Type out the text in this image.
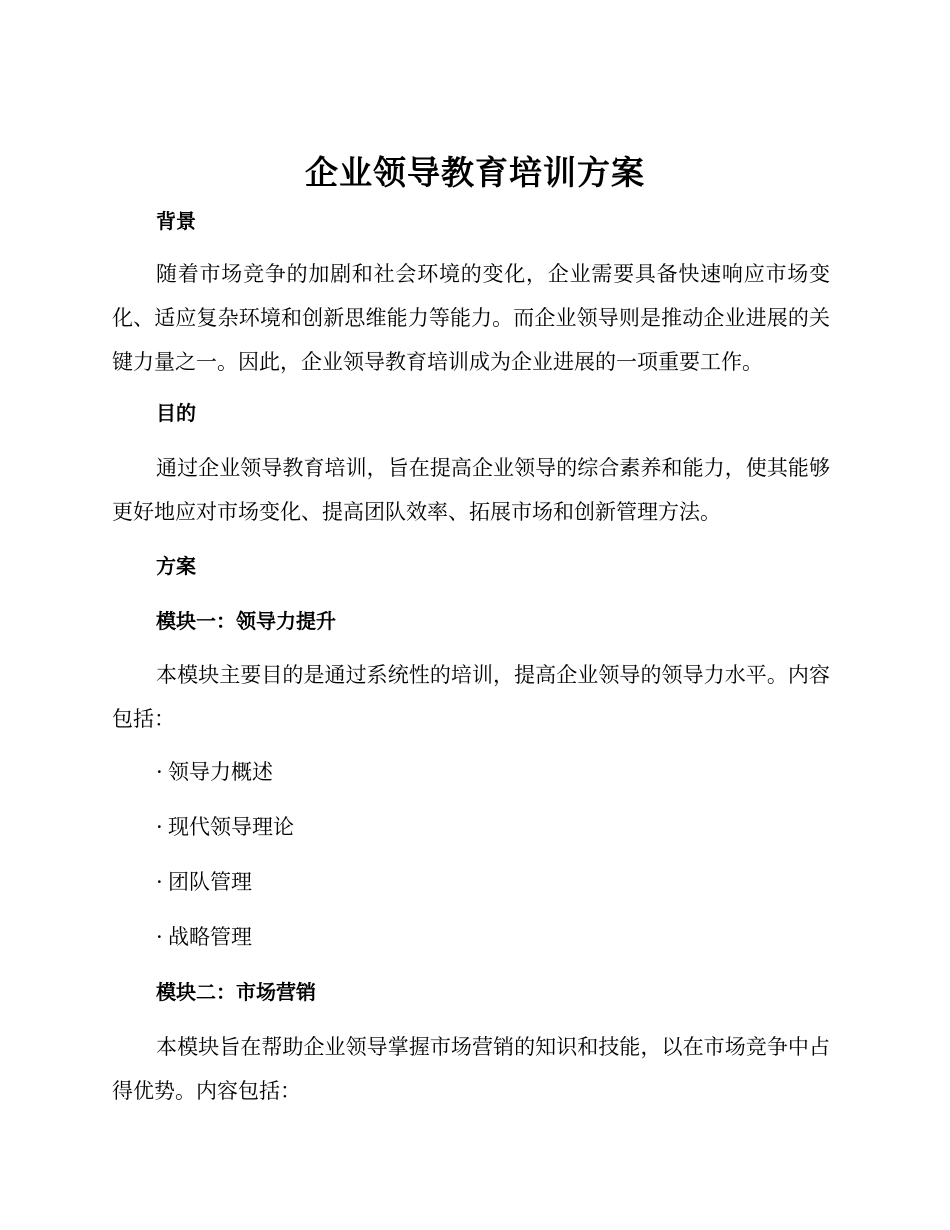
企业领导教育培训方案
背景

随着市场竞争的加剧和社会环境的变化，企业需要具备快速响应市场变化、适应复杂环境和创新思维能力等能力。而企业领导则是推动企业进展的关键力量之一。因此，企业领导教育培训成为企业进展的一项重要工作。

目的

通过企业领导教育培训，旨在提高企业领导的综合素养和能力，使其能够更好地应对市场变化、提高团队效率、拓展市场和创新管理方法。

方案
模块一：领导力提升

本模块主要目的是通过系统性的培训，提高企业领导的领导力水平。内容包括：

· 领导力概述

· 现代领导理论

· 团队管理

· 战略管理

模块二：市场营销

本模块旨在帮助企业领导掌握市场营销的知识和技能，以在市场竞争中占得优势。内容包括：
